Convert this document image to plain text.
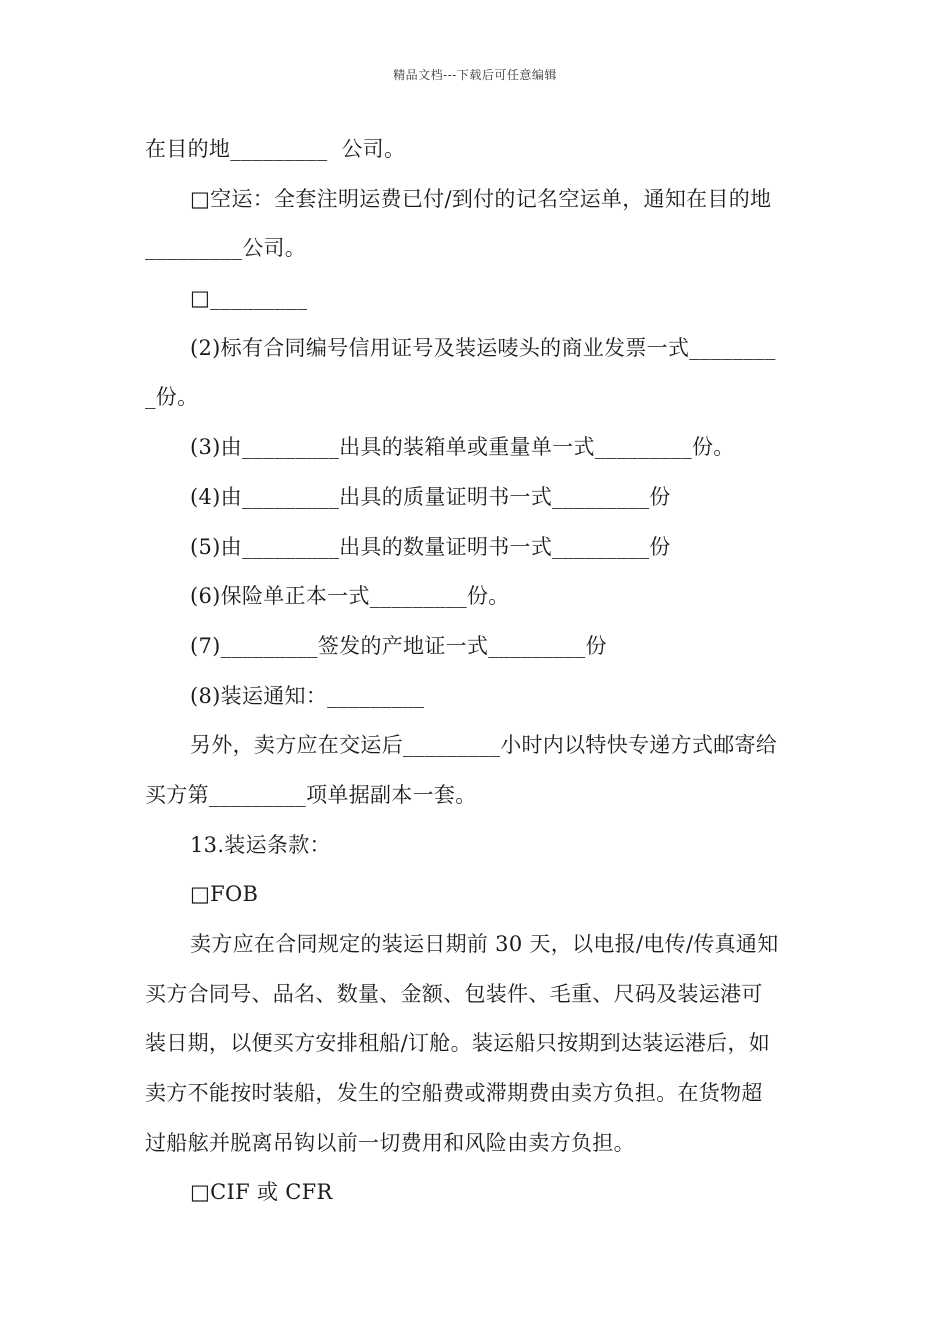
精品文档---下载后可任意编辑
在目的地_________  公司。
□空运：全套注明运费已付/到付的记名空运单，通知在目的地
_________公司。
□_________
(2)标有合同编号信用证号及装运唛头的商业发票一式________
_份。
(3)由_________出具的装箱单或重量单一式_________份。
(4)由_________出具的质量证明书一式_________份
(5)由_________出具的数量证明书一式_________份
(6)保险单正本一式_________份。
(7)_________签发的产地证一式_________份
(8)装运通知：_________
另外，卖方应在交运后_________小时内以特快专递方式邮寄给
买方第_________项单据副本一套。
13.装运条款：
□FOB
卖方应在合同规定的装运日期前 30 天，以电报/电传/传真通知
买方合同号、品名、数量、金额、包装件、毛重、尺码及装运港可
装日期，以便买方安排租船/订舱。装运船只按期到达装运港后，如
卖方不能按时装船，发生的空船费或滞期费由卖方负担。在货物超
过船舷并脱离吊钩以前一切费用和风险由卖方负担。
□CIF 或 CFR
